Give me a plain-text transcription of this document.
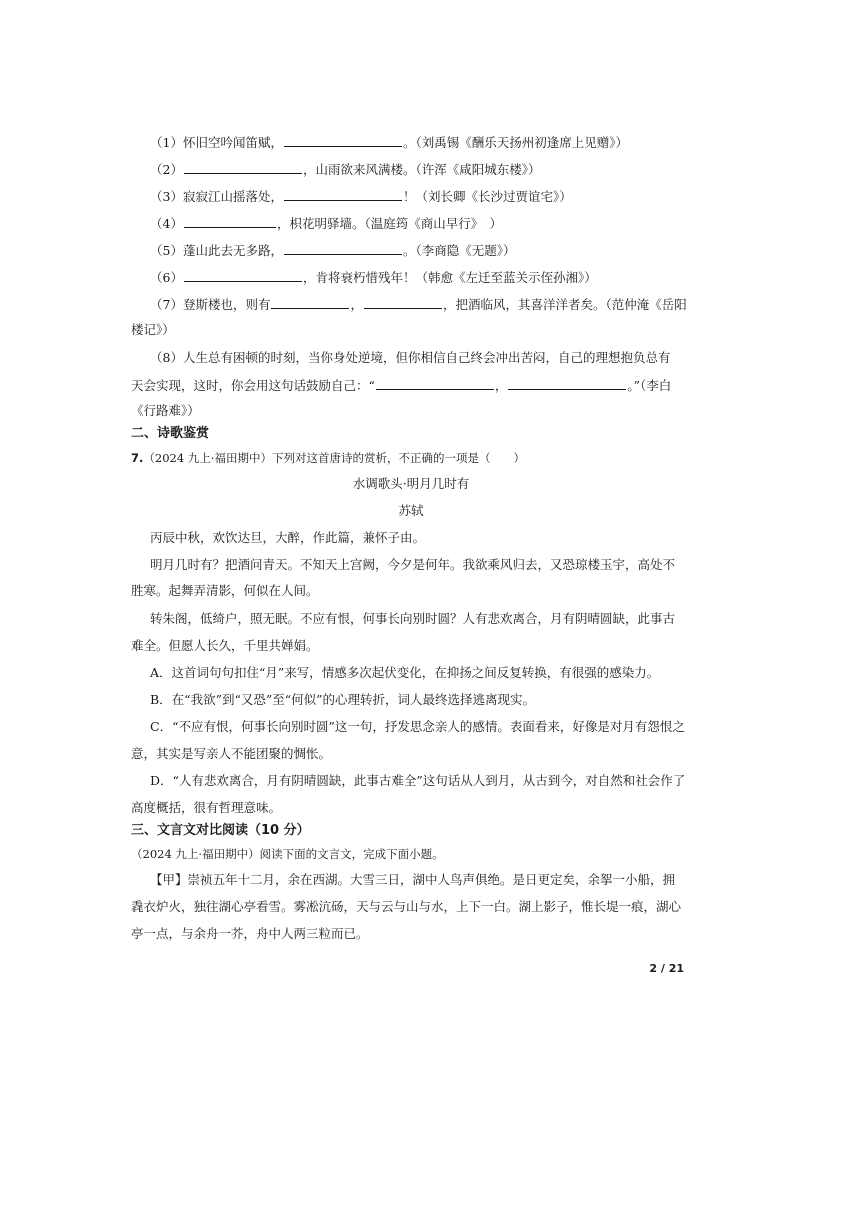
（1）怀旧空吟闻笛赋，	。（刘禹锡《酬乐天扬州初逢席上见赠》）
（2）	，山雨欲来风满楼。（许浑《咸阳城东楼》）
（3）寂寂江山摇落处，	！（刘长卿《长沙过贾谊宅》）
（4）	，枳花明驿墙。（温庭筠《商山早行》　）
（5）蓬山此去无多路，	。（李商隐《无题》）
（6）	，肯将衰朽惜残年！（韩愈《左迁至蓝关示侄孙湘》）
（7）登斯楼也，则有	，	，把酒临风，其喜洋洋者矣。（范仲淹《岳阳
楼记》）
（8）人生总有困顿的时刻，当你身处逆境，但你相信自己终会冲出苦闷，自己的理想抱负总有
天会实现，这时，你会用这句话鼓励自己：“	，	。”（李白
《行路难》）
二、诗歌鉴赏
7.（2024 九上·福田期中）下列对这首唐诗的赏析，不正确的一项是（　　）
水调歌头·明月几时有
苏轼
丙辰中秋，欢饮达旦，大醉，作此篇，兼怀子由。
明月几时有？把酒问青天。不知天上宫阙，今夕是何年。我欲乘风归去，又恐琼楼玉宇，高处不
胜寒。起舞弄清影，何似在人间。
转朱阁，低绮户，照无眠。不应有恨，何事长向别时圆？人有悲欢离合，月有阴晴圆缺，此事古
难全。但愿人长久，千里共婵娟。
A．这首词句句扣住“月”来写，情感多次起伏变化，在抑扬之间反复转换，有很强的感染力。
B．在“我欲”到“又恐”至“何似”的心理转折，词人最终选择逃离现实。
C．“不应有恨，何事长向别时圆”这一句，抒发思念亲人的感情。表面看来，好像是对月有怨恨之
意，其实是写亲人不能团聚的惆怅。
D．“人有悲欢离合，月有阴晴圆缺，此事古难全”这句话从人到月，从古到今，对自然和社会作了
高度概括，很有哲理意味。
三、文言文对比阅读（10 分）
（2024 九上·福田期中）阅读下面的文言文，完成下面小题。
【甲】崇祯五年十二月，余在西湖。大雪三日，湖中人鸟声俱绝。是日更定矣，余挐一小船，拥
毳衣炉火，独往湖心亭看雪。雾凇沆砀，天与云与山与水，上下一白。湖上影子，惟长堤一痕，湖心
亭一点，与余舟一芥，舟中人两三粒而已。
2 / 21
